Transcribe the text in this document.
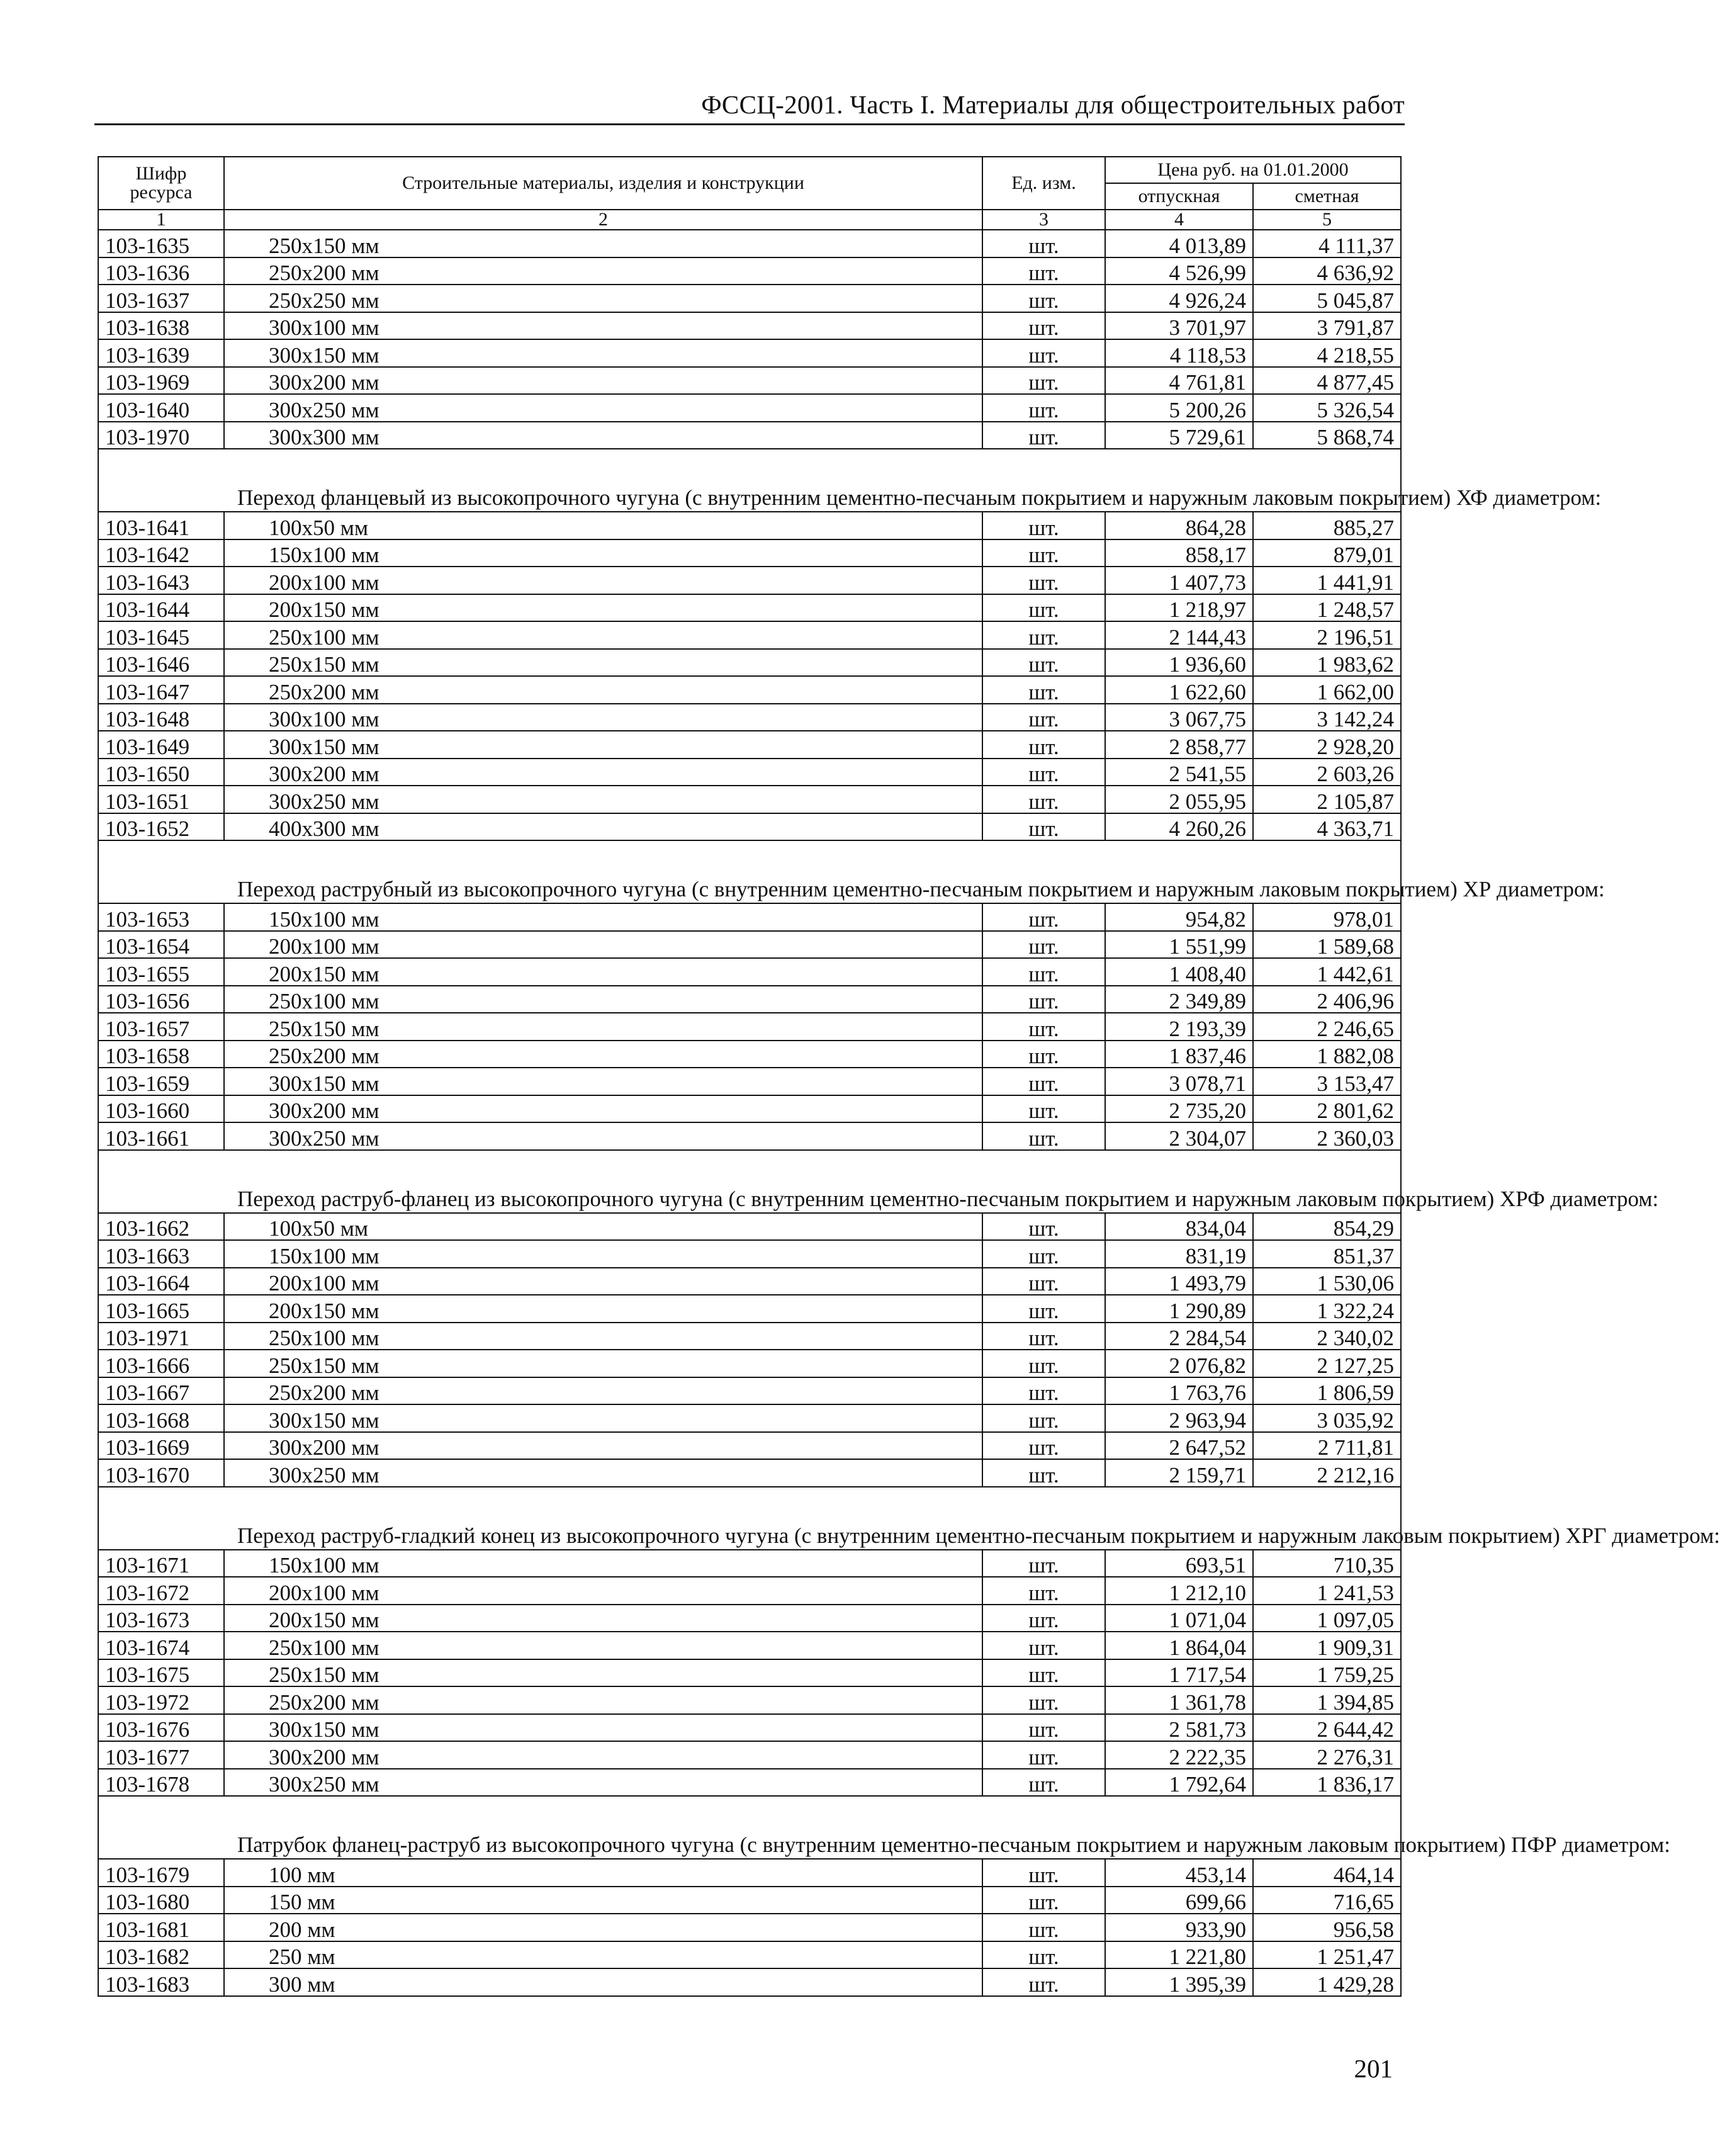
ФССЦ-2001. Часть I. Материалы для общестроительных работ
Шифр ресурса	Строительные материалы, изделия и конструкции	Ед. изм.	Цена руб. на 01.01.2000	
			отпускная	сметная
1	2	3	4	5
103-1635	250x150 мм	шт.	4 013,89	4 111,37
103-1636	250x200 мм	шт.	4 526,99	4 636,92
103-1637	250x250 мм	шт.	4 926,24	5 045,87
103-1638	300x100 мм	шт.	3 701,97	3 791,87
103-1639	300x150 мм	шт.	4 118,53	4 218,55
103-1969	300x200 мм	шт.	4 761,81	4 877,45
103-1640	300x250 мм	шт.	5 200,26	5 326,54
103-1970	300x300 мм	шт.	5 729,61	5 868,74
Переход фланцевый из высокопрочного чугуна (с внутренним цементно-песчаным покрытием и наружным лаковым покрытием) ХФ диаметром:				
103-1641	100x50 мм	шт.	864,28	885,27
103-1642	150x100 мм	шт.	858,17	879,01
103-1643	200x100 мм	шт.	1 407,73	1 441,91
103-1644	200x150 мм	шт.	1 218,97	1 248,57
103-1645	250x100 мм	шт.	2 144,43	2 196,51
103-1646	250x150 мм	шт.	1 936,60	1 983,62
103-1647	250x200 мм	шт.	1 622,60	1 662,00
103-1648	300x100 мм	шт.	3 067,75	3 142,24
103-1649	300x150 мм	шт.	2 858,77	2 928,20
103-1650	300x200 мм	шт.	2 541,55	2 603,26
103-1651	300x250 мм	шт.	2 055,95	2 105,87
103-1652	400x300 мм	шт.	4 260,26	4 363,71
Переход раструбный из высокопрочного чугуна (с внутренним цементно-песчаным покрытием и наружным лаковым покрытием) ХР диаметром:				
103-1653	150x100 мм	шт.	954,82	978,01
103-1654	200x100 мм	шт.	1 551,99	1 589,68
103-1655	200x150 мм	шт.	1 408,40	1 442,61
103-1656	250x100 мм	шт.	2 349,89	2 406,96
103-1657	250x150 мм	шт.	2 193,39	2 246,65
103-1658	250x200 мм	шт.	1 837,46	1 882,08
103-1659	300x150 мм	шт.	3 078,71	3 153,47
103-1660	300x200 мм	шт.	2 735,20	2 801,62
103-1661	300x250 мм	шт.	2 304,07	2 360,03
Переход раструб-фланец из высокопрочного чугуна (с внутренним цементно-песчаным покрытием и наружным лаковым покрытием) ХРФ диаметром:				
103-1662	100x50 мм	шт.	834,04	854,29
103-1663	150x100 мм	шт.	831,19	851,37
103-1664	200x100 мм	шт.	1 493,79	1 530,06
103-1665	200x150 мм	шт.	1 290,89	1 322,24
103-1971	250x100 мм	шт.	2 284,54	2 340,02
103-1666	250x150 мм	шт.	2 076,82	2 127,25
103-1667	250x200 мм	шт.	1 763,76	1 806,59
103-1668	300x150 мм	шт.	2 963,94	3 035,92
103-1669	300x200 мм	шт.	2 647,52	2 711,81
103-1670	300x250 мм	шт.	2 159,71	2 212,16
Переход раструб-гладкий конец из высокопрочного чугуна (с внутренним цементно-песчаным покрытием и наружным лаковым покрытием) ХРГ диаметром:				
103-1671	150x100 мм	шт.	693,51	710,35
103-1672	200x100 мм	шт.	1 212,10	1 241,53
103-1673	200x150 мм	шт.	1 071,04	1 097,05
103-1674	250x100 мм	шт.	1 864,04	1 909,31
103-1675	250x150 мм	шт.	1 717,54	1 759,25
103-1972	250x200 мм	шт.	1 361,78	1 394,85
103-1676	300x150 мм	шт.	2 581,73	2 644,42
103-1677	300x200 мм	шт.	2 222,35	2 276,31
103-1678	300x250 мм	шт.	1 792,64	1 836,17
Патрубок фланец-раструб из высокопрочного чугуна (с внутренним цементно-песчаным покрытием и наружным лаковым покрытием) ПФР диаметром:				
103-1679	100 мм	шт.	453,14	464,14
103-1680	150 мм	шт.	699,66	716,65
103-1681	200 мм	шт.	933,90	956,58
103-1682	250 мм	шт.	1 221,80	1 251,47
103-1683	300 мм	шт.	1 395,39	1 429,28
201
